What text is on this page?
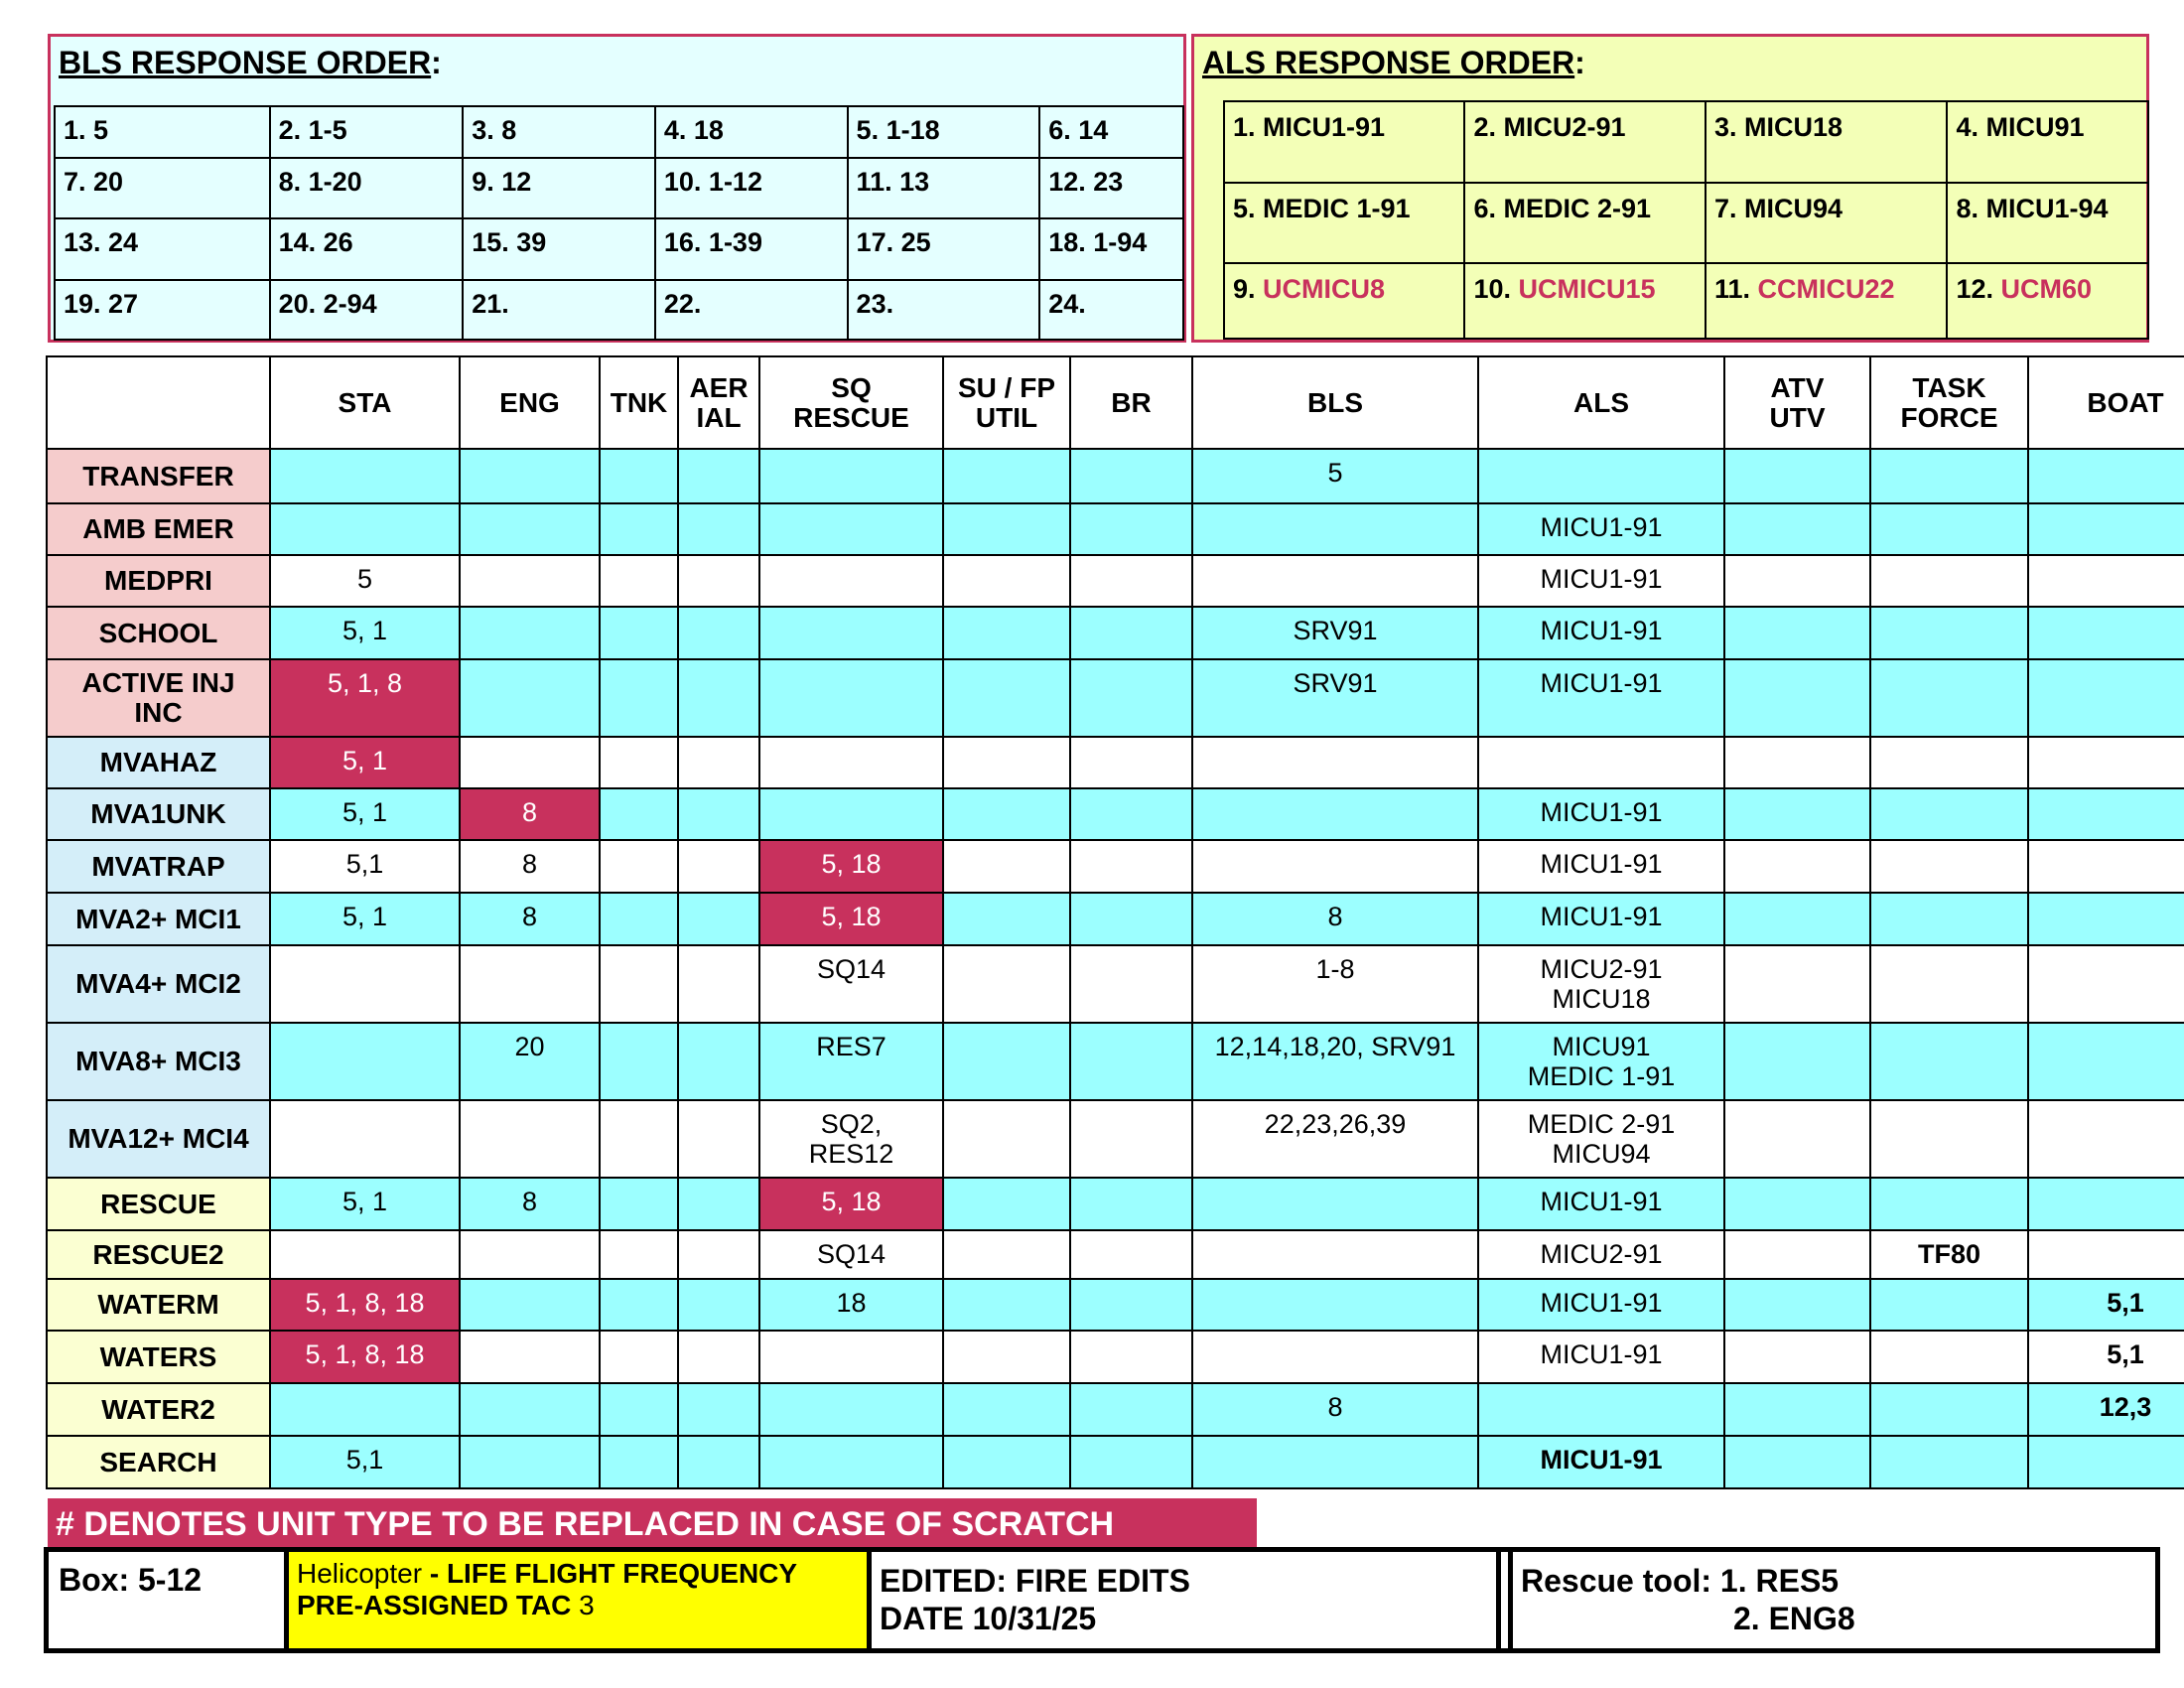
BLS RESPONSE ORDER:
1. 5	2. 1-5	3. 8	4. 18	5. 1-18	6. 14
7. 20	8. 1-20	9. 12	10. 1-12	11. 13	12. 23
13. 24	14. 26	15. 39	16. 1-39	17. 25	18. 1-94
19. 27	20. 2-94	21.	22.	23.	24.
ALS RESPONSE ORDER:
1. MICU1-91	2. MICU2-91	3. MICU18	4. MICU91
5. MEDIC 1-91	6. MEDIC 2-91	7. MICU94	8. MICU1-94
9. UCMICU8	10. UCMICU15	11. CCMICU22	12. UCM60
	STA	ENG	TNK	AER
IAL	SQ
RESCUE	SU / FP
UTIL	BR	BLS	ALS	ATV
UTV	TASK
FORCE	BOAT
TRANSFER								5				
AMB EMER									MICU1-91			
MEDPRI	5								MICU1-91			
SCHOOL	5, 1							SRV91	MICU1-91			
ACTIVE INJ
INC	5, 1, 8							SRV91	MICU1-91			
MVAHAZ	5, 1											
MVA1UNK	5, 1	8							MICU1-91			
MVATRAP	5,1	8			5, 18				MICU1-91			
MVA2+ MCI1	5, 1	8			5, 18			8	MICU1-91			
MVA4+ MCI2					SQ14			1-8	MICU2-91
MICU18			
MVA8+ MCI3		20			RES7			12,14,18,20, SRV91	MICU91
MEDIC 1-91			
MVA12+ MCI4					SQ2,
RES12			22,23,26,39	MEDIC 2-91
MICU94			
RESCUE	5, 1	8			5, 18				MICU1-91			
RESCUE2					SQ14				MICU2-91		TF80	
WATERM	5, 1, 8, 18				18				MICU1-91			5,1
WATERS	5, 1, 8, 18								MICU1-91			5,1
WATER2								8				12,3
SEARCH	5,1								MICU1-91			
# DENOTES UNIT TYPE TO BE REPLACED IN CASE OF SCRATCH
Box: 5-12	Helicopter - LIFE FLIGHT FREQUENCY
PRE-ASSIGNED TAC 3
EDITED: FIRE EDITS
DATE 10/31/25
Rescue tool: 1. RES5
2. ENG8
